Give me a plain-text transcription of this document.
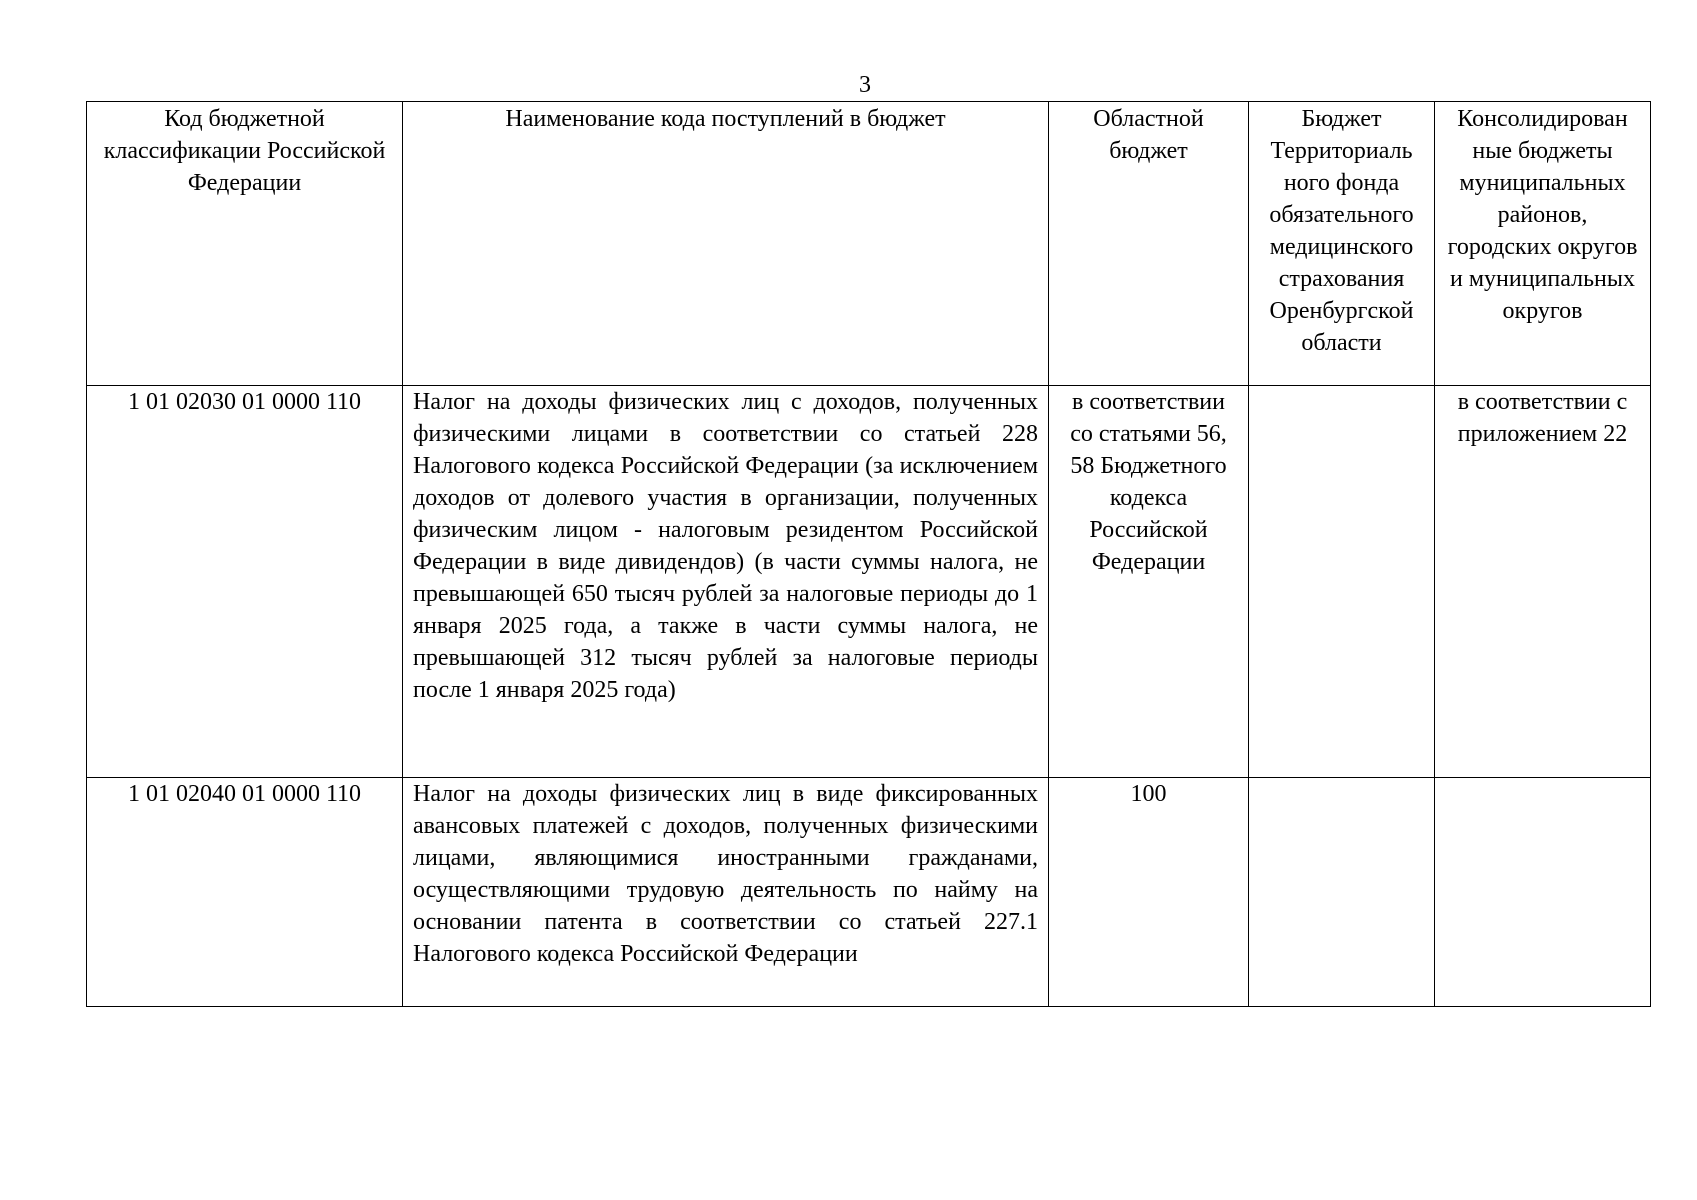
3
Код бюджетной классификации Российской Федерации	Наименование кода поступлений в бюджет	Областной бюджет	Бюджет Территориаль ного фонда обязательного медицинского страхования Оренбургской области	Консолидирован ные бюджеты муниципальных районов, городских округов и муниципальных округов
1 01 02030 01 0000 110	Налог на доходы физических лиц с доходов, полученных физическими лицами в соответствии со статьей 228 Налогового кодекса Российской Федерации (за исключением доходов от долевого участия в организации, полученных физическим лицом - налоговым резидентом Российской Федерации в виде дивидендов) (в части суммы налога, не превышающей 650 тысяч рублей за налоговые периоды до 1 января 2025 года, а также в части суммы налога, не превышающей 312 тысяч рублей за налоговые периоды после 1 января 2025 года)	в соответствии со статьями 56, 58 Бюджетного кодекса Российской Федерации		в соответствии с приложением 22
1 01 02040 01 0000 110	Налог на доходы физических лиц в виде фиксированных авансовых платежей с доходов, полученных физическими лицами, являющимися иностранными гражданами, осуществляющими трудовую деятельность по найму на основании патента в соответствии со статьей 227.1 Налогового кодекса Российской Федерации	100		
